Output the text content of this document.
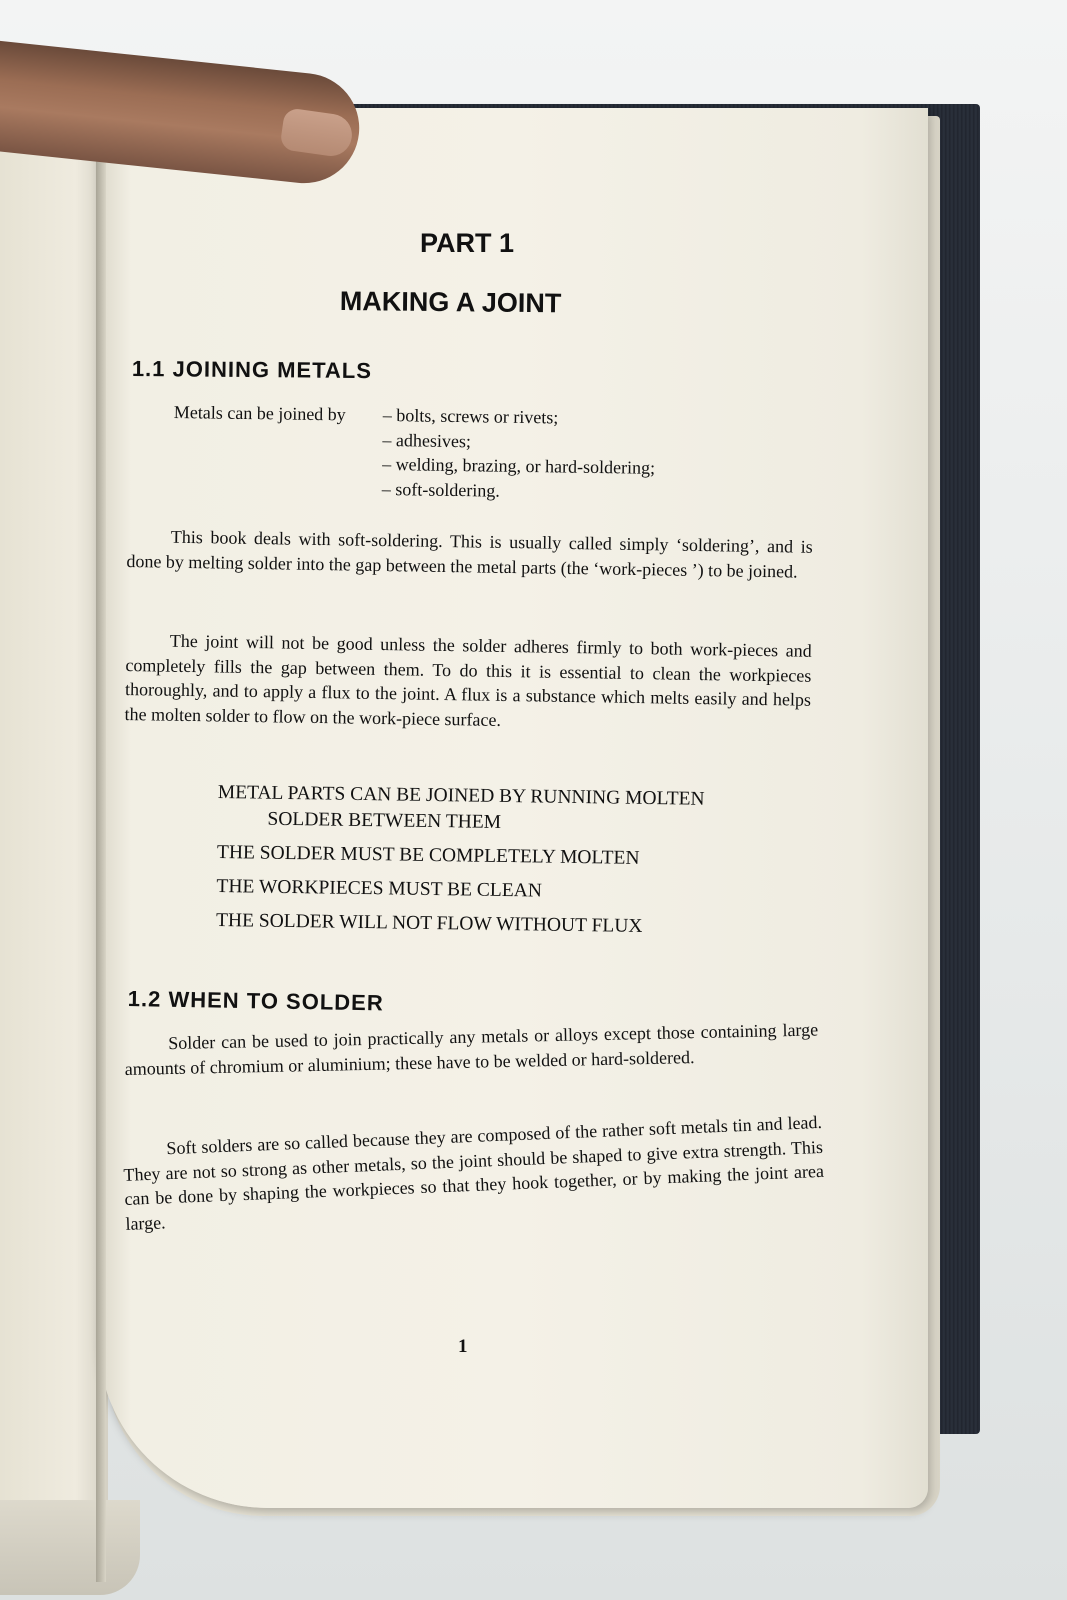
PART 1
MAKING A JOINT
1.1 JOINING METALS
Metals can be joined by – bolts, screws or rivets;
– adhesives;
– welding, brazing, or hard-soldering;
– soft-soldering.
This book deals with soft-soldering. This is usually called simply ‘soldering’, and is done by melting solder into the gap between the metal parts (the ‘work-pieces ’) to be joined.
The joint will not be good unless the solder adheres firmly to both work-pieces and completely fills the gap between them. To do this it is essential to clean the workpieces thoroughly, and to apply a flux to the joint. A flux is a substance which melts easily and helps the molten solder to flow on the work-piece surface.
METAL PARTS CAN BE JOINED BY RUNNING MOLTEN
SOLDER BETWEEN THEM
THE SOLDER MUST BE COMPLETELY MOLTEN
THE WORKPIECES MUST BE CLEAN
THE SOLDER WILL NOT FLOW WITHOUT FLUX
1.2 WHEN TO SOLDER
Solder can be used to join practically any metals or alloys except those containing large amounts of chromium or aluminium; these have to be welded or hard-soldered.
Soft solders are so called because they are composed of the rather soft metals tin and lead. They are not so strong as other metals, so the joint should be shaped to give extra strength. This can be done by shaping the workpieces so that they hook together, or by making the joint area large.
1
